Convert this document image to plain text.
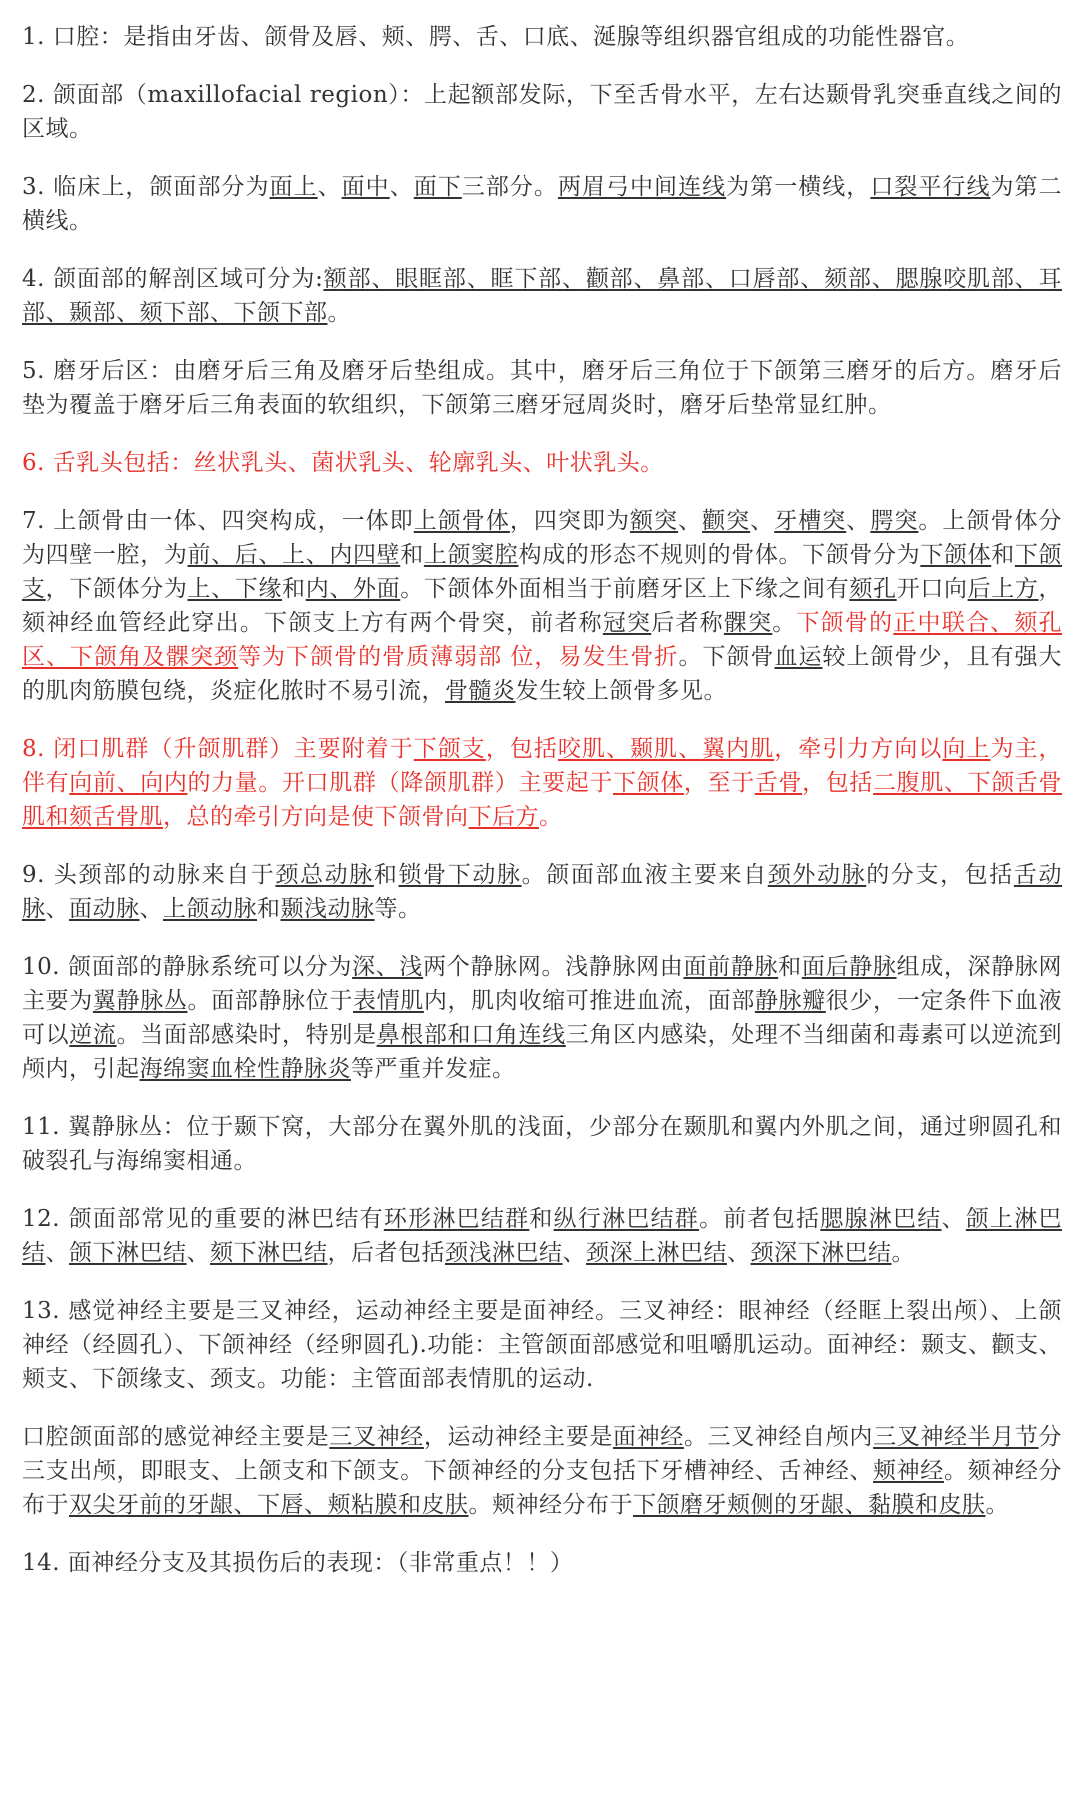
1. 口腔：是指由牙齿、颌骨及唇、颊、腭、舌、口底、涎腺等组织器官组成的功能性器官。

2. 颌面部（maxillofacial region）：上起额部发际，下至舌骨水平，左右达颞骨乳突垂直线之间的区域。

3. 临床上，颌面部分为面上、面中、面下三部分。两眉弓中间连线为第一横线，口裂平行线为第二横线。

4. 颌面部的解剖区域可分为:额部、眼眶部、眶下部、颧部、鼻部、口唇部、颏部、腮腺咬肌部、耳部、颞部、颏下部、下颌下部。

5. 磨牙后区：由磨牙后三角及磨牙后垫组成。其中，磨牙后三角位于下颌第三磨牙的后方。磨牙后垫为覆盖于磨牙后三角表面的软组织，下颌第三磨牙冠周炎时，磨牙后垫常显红肿。

6. 舌乳头包括：丝状乳头、菌状乳头、轮廓乳头、叶状乳头。

7. 上颌骨由一体、四突构成，一体即上颌骨体，四突即为额突、颧突、牙槽突、腭突。上颌骨体分为四壁一腔，为前、后、上、内四壁和上颌窦腔构成的形态不规则的骨体。下颌骨分为下颌体和下颌支，下颌体分为上、下缘和内、外面。下颌体外面相当于前磨牙区上下缘之间有颏孔开口向后上方，颏神经血管经此穿出。下颌支上方有两个骨突，前者称冠突后者称髁突。下颌骨的正中联合、颏孔区、下颌角及髁突颈等为下颌骨的骨质薄弱部 位，易发生骨折。下颌骨血运较上颌骨少，且有强大的肌肉筋膜包绕，炎症化脓时不易引流，骨髓炎发生较上颌骨多见。

8. 闭口肌群（升颌肌群）主要附着于下颌支，包括咬肌、颞肌、翼内肌，牵引力方向以向上为主，伴有向前、向内的力量。开口肌群（降颌肌群）主要起于下颌体，至于舌骨，包括二腹肌、下颌舌骨肌和颏舌骨肌，总的牵引方向是使下颌骨向下后方。

9. 头颈部的动脉来自于颈总动脉和锁骨下动脉。颌面部血液主要来自颈外动脉的分支，包括舌动脉、面动脉、上颌动脉和颞浅动脉等。

10. 颌面部的静脉系统可以分为深、浅两个静脉网。浅静脉网由面前静脉和面后静脉组成，深静脉网主要为翼静脉丛。面部静脉位于表情肌内，肌肉收缩可推进血流，面部静脉瓣很少，一定条件下血液可以逆流。当面部感染时，特别是鼻根部和口角连线三角区内感染，处理不当细菌和毒素可以逆流到颅内，引起海绵窦血栓性静脉炎等严重并发症。

11. 翼静脉丛：位于颞下窝，大部分在翼外肌的浅面，少部分在颞肌和翼内外肌之间，通过卵圆孔和破裂孔与海绵窦相通。

12. 颌面部常见的重要的淋巴结有环形淋巴结群和纵行淋巴结群。前者包括腮腺淋巴结、颌上淋巴结、颌下淋巴结、颏下淋巴结，后者包括颈浅淋巴结、颈深上淋巴结、颈深下淋巴结。

13. 感觉神经主要是三叉神经，运动神经主要是面神经。三叉神经：眼神经（经眶上裂出颅）、上颌神经（经圆孔）、下颌神经（经卵圆孔).功能：主管颌面部感觉和咀嚼肌运动。面神经：颞支、颧支、颊支、下颌缘支、颈支。功能：主管面部表情肌的运动.

口腔颌面部的感觉神经主要是三叉神经，运动神经主要是面神经。三叉神经自颅内三叉神经半月节分三支出颅，即眼支、上颌支和下颌支。下颌神经的分支包括下牙槽神经、舌神经、颊神经。颏神经分布于双尖牙前的牙龈、下唇、颊粘膜和皮肤。颊神经分布于下颌磨牙颊侧的牙龈、黏膜和皮肤。

14. 面神经分支及其损伤后的表现：（非常重点！！）
